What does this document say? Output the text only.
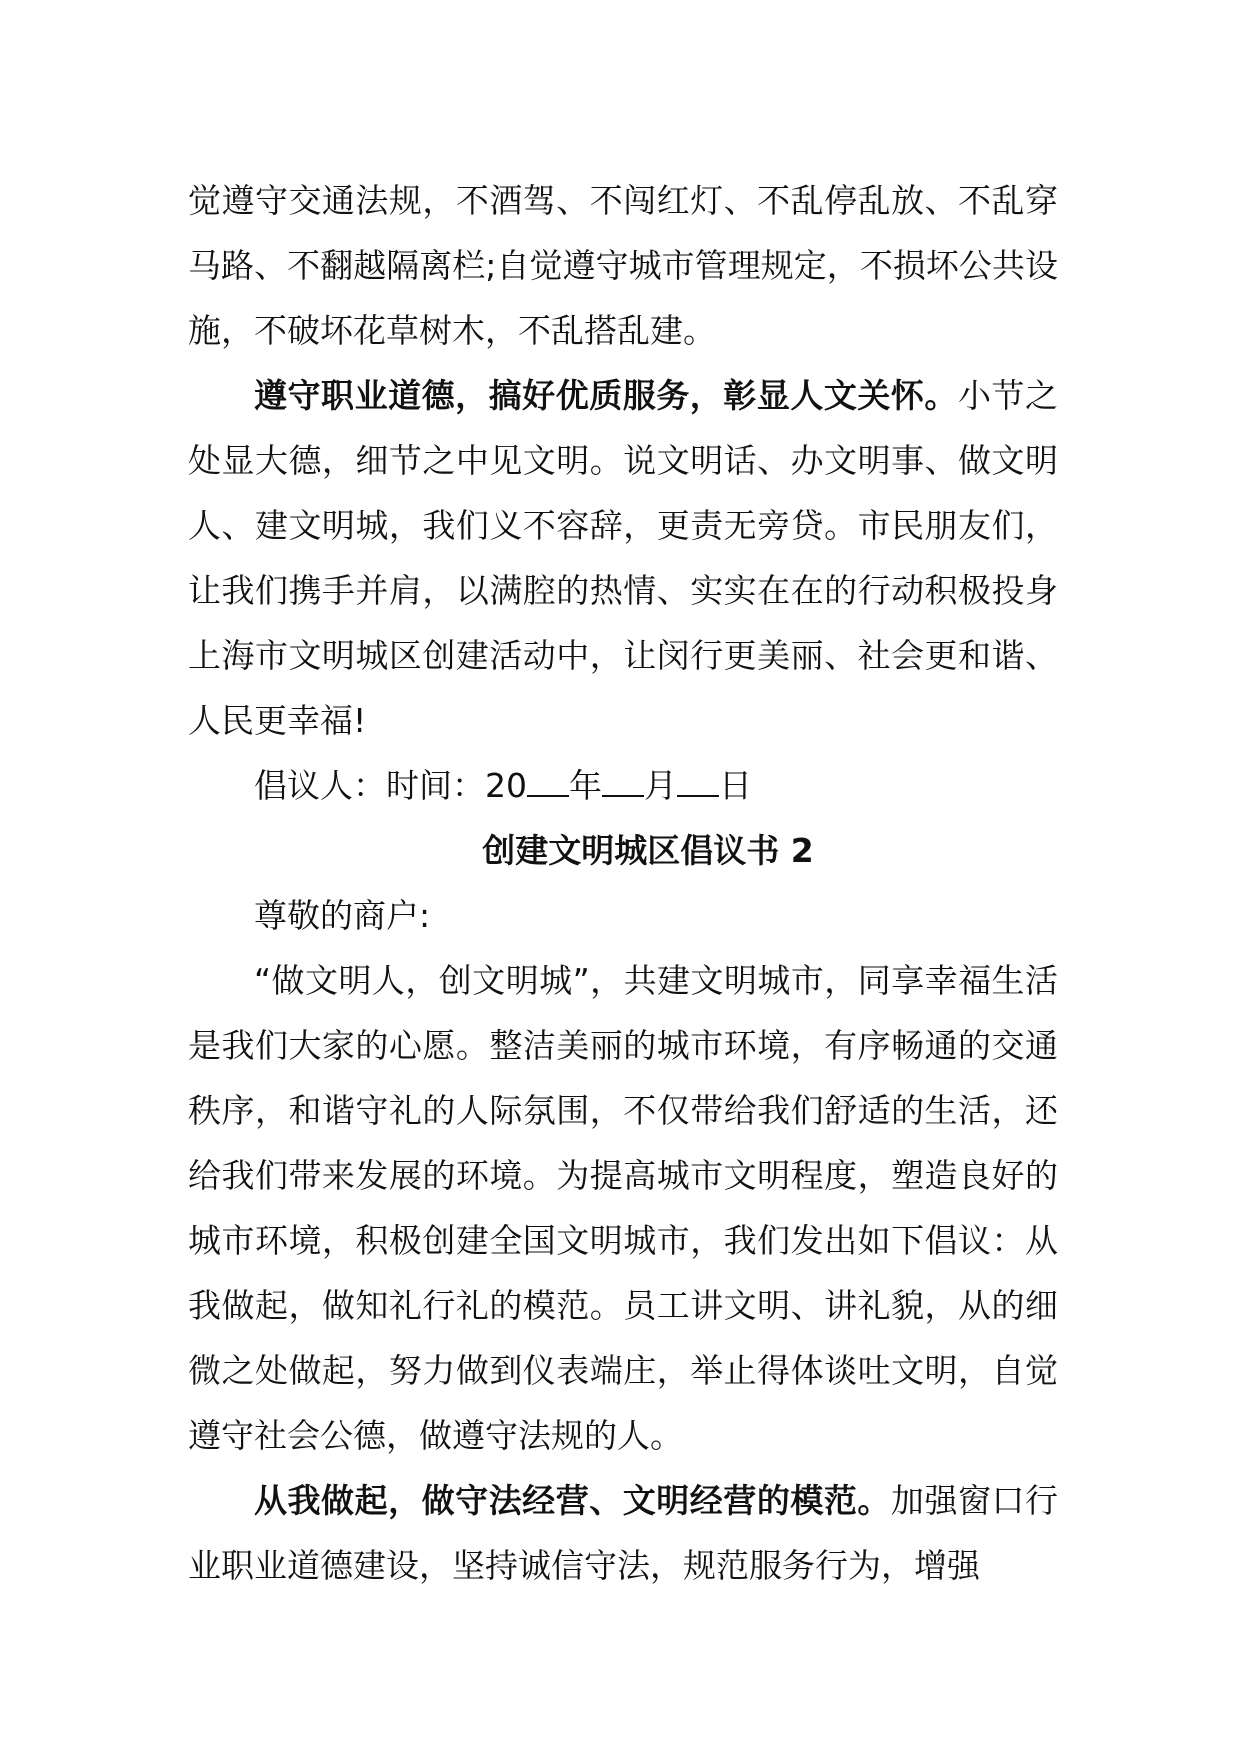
觉遵守交通法规，不酒驾、不闯红灯、不乱停乱放、不乱穿马路、不翻越隔离栏;自觉遵守城市管理规定，不损坏公共设施，不破坏花草树木，不乱搭乱建。

遵守职业道德，搞好优质服务，彰显人文关怀。小节之处显大德，细节之中见文明。说文明话、办文明事、做文明人、建文明城，我们义不容辞，更责无旁贷。市民朋友们，让我们携手并肩，以满腔的热情、实实在在的行动积极投身上海市文明城区创建活动中，让闵行更美丽、社会更和谐、人民更幸福!

倡议人：时间：20 年 月 日

创建文明城区倡议书 2

尊敬的商户:

“做文明人，创文明城”，共建文明城市，同享幸福生活是我们大家的心愿。整洁美丽的城市环境，有序畅通的交通秩序，和谐守礼的人际氛围，不仅带给我们舒适的生活，还给我们带来发展的环境。为提高城市文明程度，塑造良好的城市环境，积极创建全国文明城市，我们发出如下倡议：从我做起，做知礼行礼的模范。员工讲文明、讲礼貌，从的细微之处做起，努力做到仪表端庄，举止得体谈吐文明，自觉遵守社会公德，做遵守法规的人。

从我做起，做守法经营、文明经营的模范。加强窗口行业职业道德建设，坚持诚信守法，规范服务行为，增强
